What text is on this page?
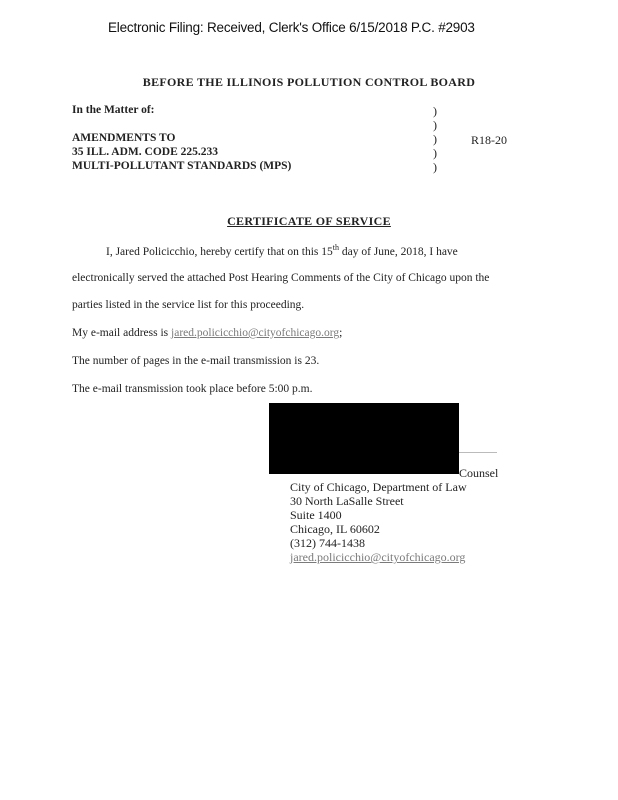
Electronic Filing: Received, Clerk's Office 6/15/2018 P.C. #2903
BEFORE THE ILLINOIS POLLUTION CONTROL BOARD
In the Matter of:
AMENDMENTS TO
35 ILL. ADM. CODE 225.233
MULTI-POLLUTANT STANDARDS (MPS)
)
)
)
)
)
R18-20
CERTIFICATE OF SERVICE
I, Jared Policicchio, hereby certify that on this 15th day of June, 2018, I have
electronically served the attached Post Hearing Comments of the City of Chicago upon the
parties listed in the service list for this proceeding.
My e-mail address is jared.policicchio@cityofchicago.org;
The number of pages in the e-mail transmission is 23.
The e-mail transmission took place before 5:00 p.m.
Counsel
City of Chicago, Department of Law
30 North LaSalle Street
Suite 1400
Chicago, IL 60602
(312) 744-1438
jared.policicchio@cityofchicago.org
